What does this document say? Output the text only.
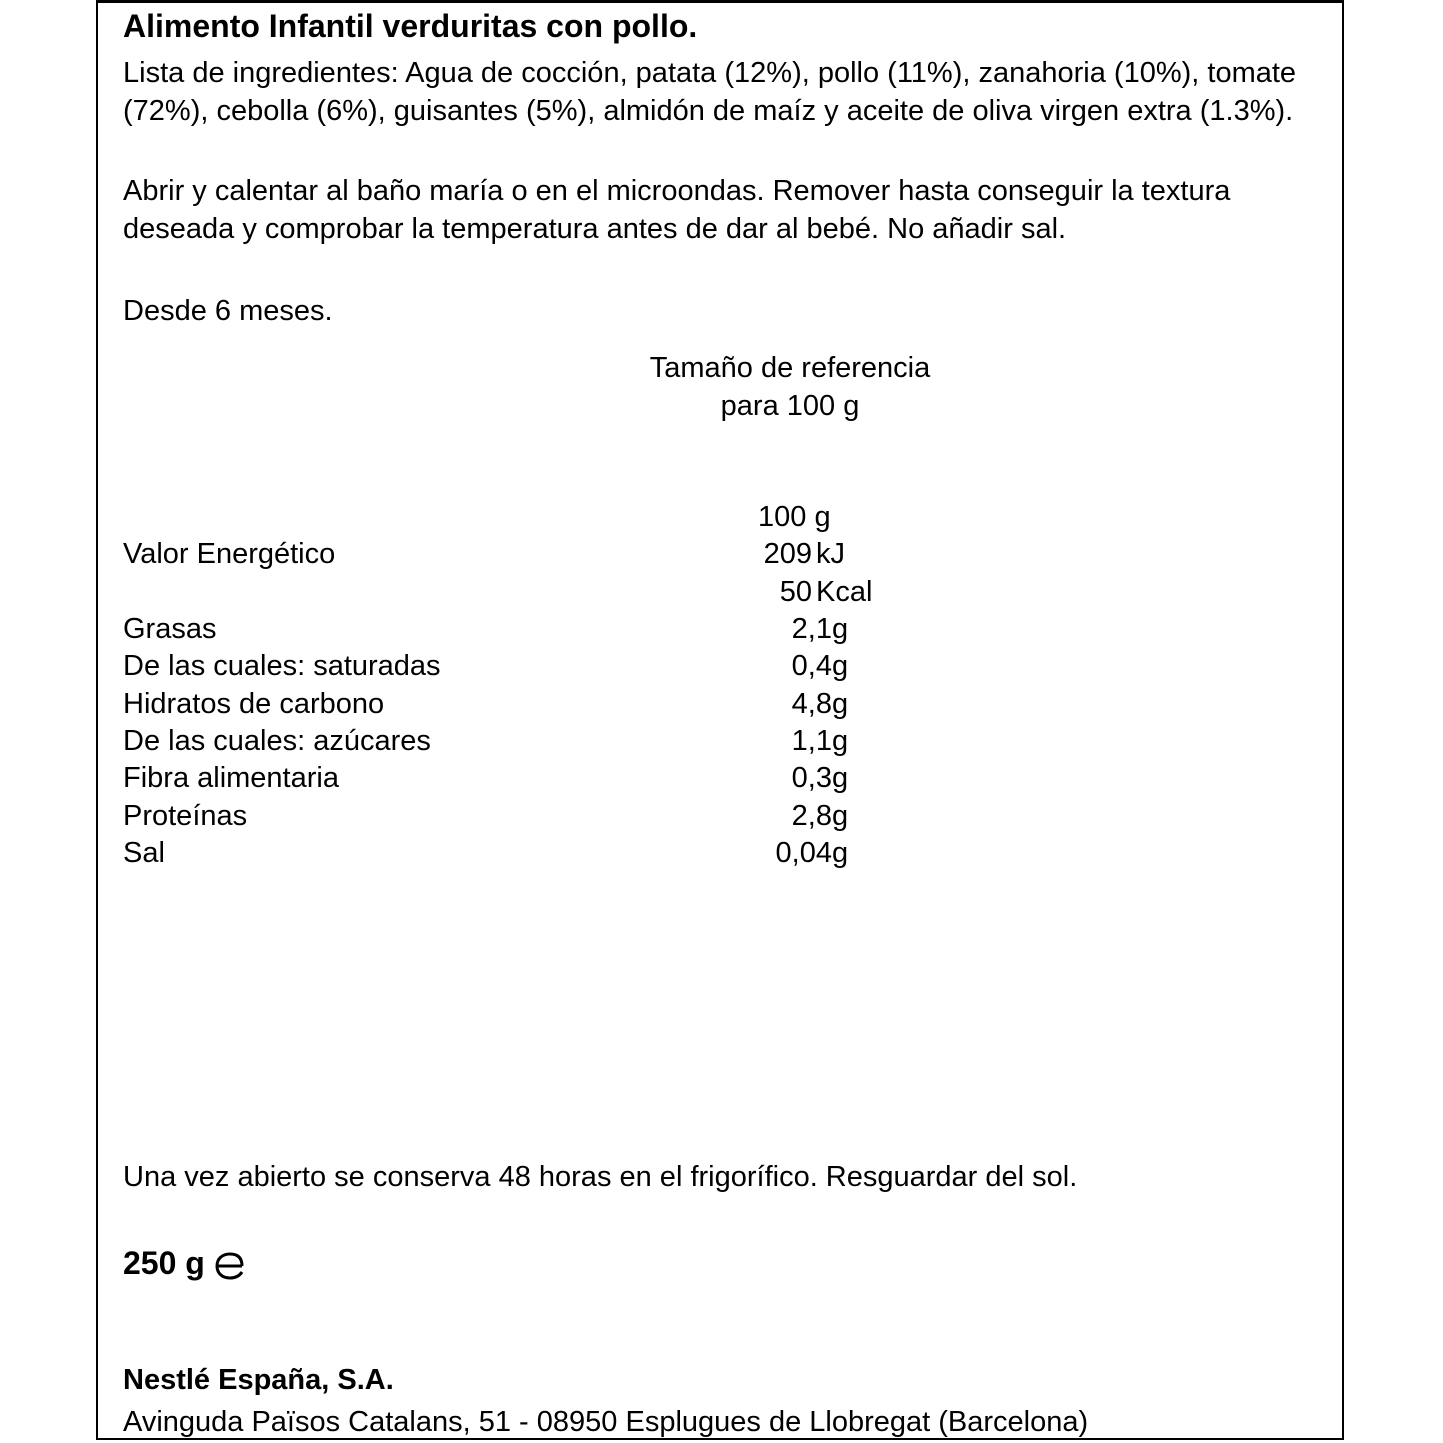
Alimento Infantil verduritas con pollo.
Lista de ingredientes: Agua de cocción, patata (12%), pollo (11%), zanahoria (10%), tomate (72%), cebolla (6%), guisantes (5%), almidón de maíz y aceite de oliva virgen extra (1.3%).
Abrir y calentar al baño maría o en el microondas. Remover hasta conseguir la textura deseada y comprobar la temperatura antes de dar al bebé. No añadir sal.
Desde 6 meses.
Tamaño de referencia
para 100 g
100 g
Valor Energético	209 kJ
50 Kcal
Grasas	2,1 g
De las cuales: saturadas	0,4 g
Hidratos de carbono	4,8 g
De las cuales: azúcares	1,1 g
Fibra alimentaria	0,3 g
Proteínas	2,8 g
Sal	0,04 g
Una vez abierto se conserva 48 horas en el frigorífico. Resguardar del sol.
250 g
Nestlé España, S.A.
Avinguda Països Catalans, 51 - 08950 Esplugues de Llobregat (Barcelona)
